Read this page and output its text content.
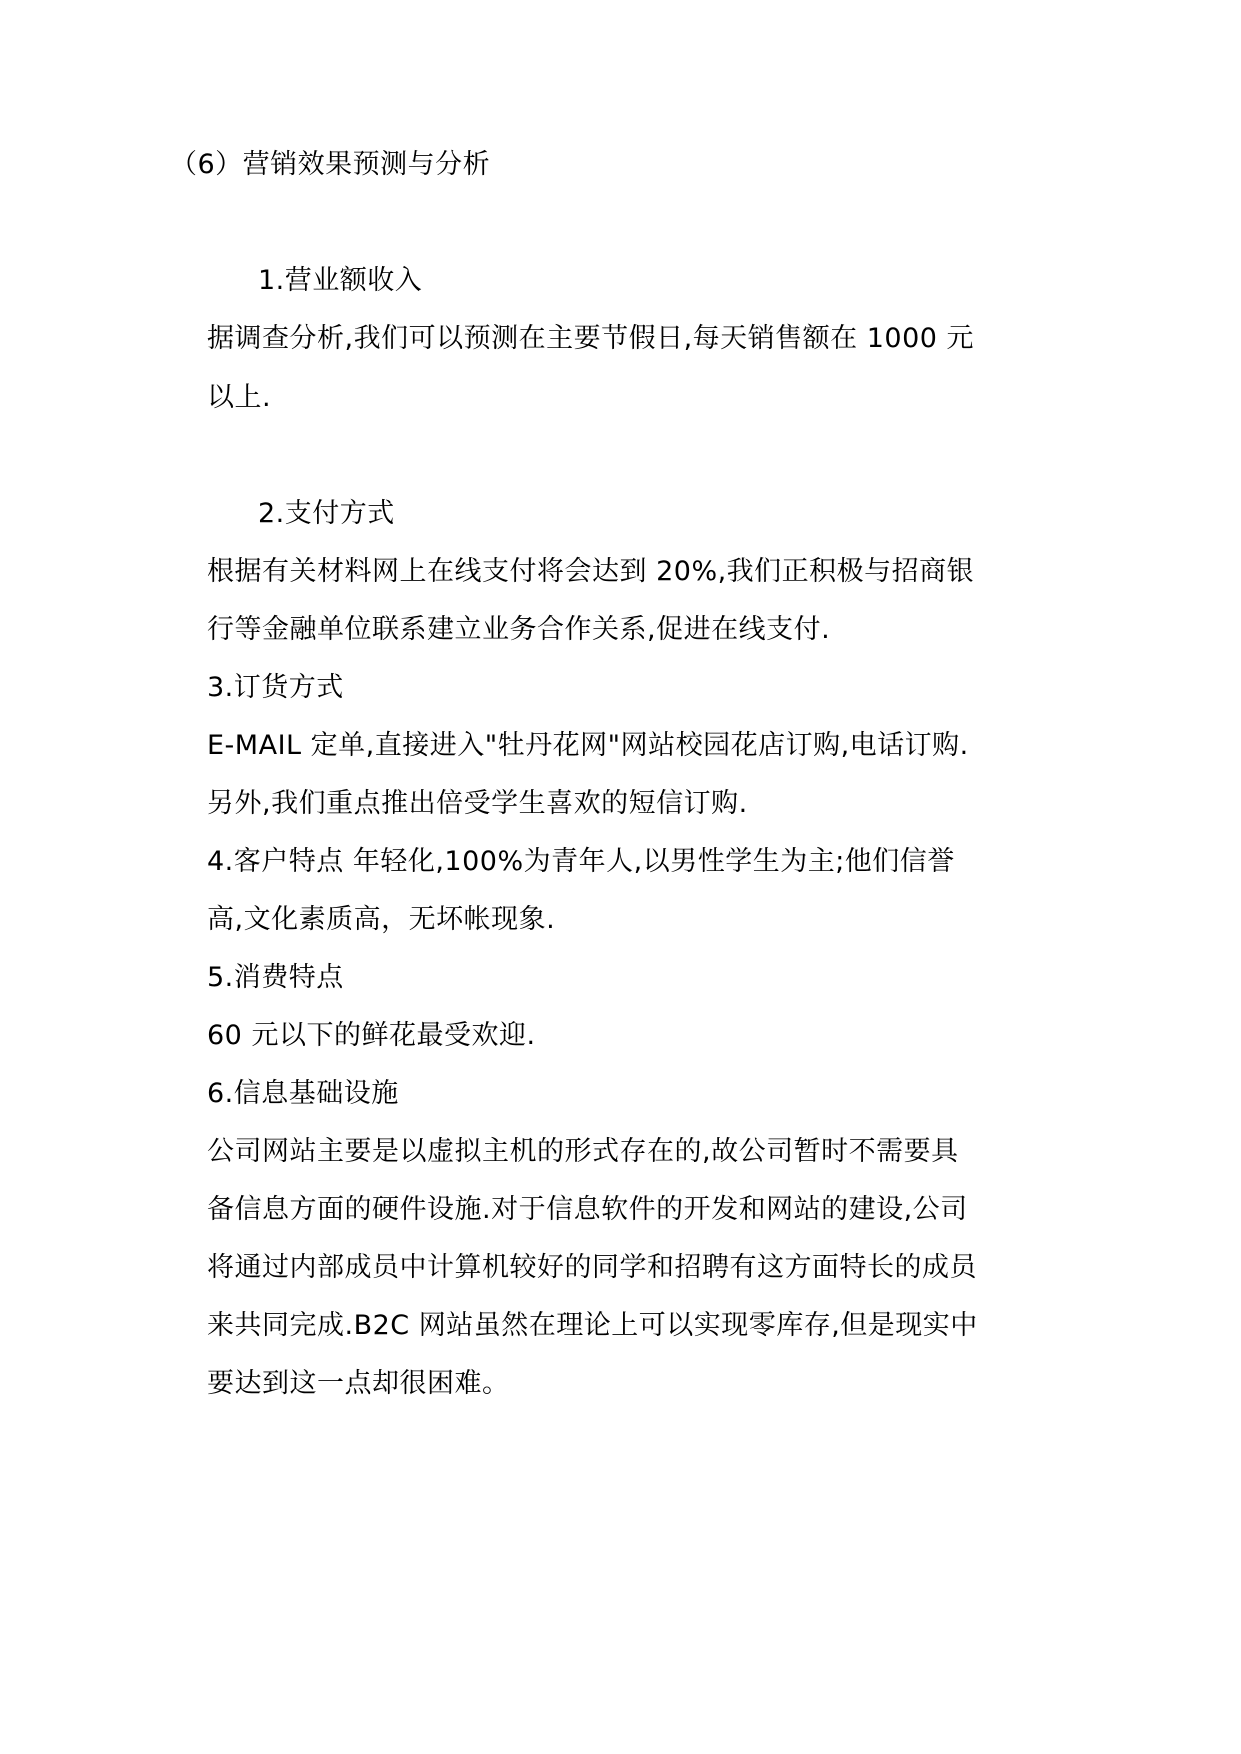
（6）营销效果预测与分析
1.营业额收入
据调查分析,我们可以预测在主要节假日,每天销售额在 1000 元
以上.
2.支付方式
根据有关材料网上在线支付将会达到 20%,我们正积极与招商银
行等金融单位联系建立业务合作关系,促进在线支付.
3.订货方式
E-MAIL 定单,直接进入"牡丹花网"网站校园花店订购,电话订购.
另外,我们重点推出倍受学生喜欢的短信订购.
4.客户特点 年轻化,100%为青年人,以男性学生为主;他们信誉
高,文化素质高，无坏帐现象.
5.消费特点
60 元以下的鲜花最受欢迎.
6.信息基础设施
公司网站主要是以虚拟主机的形式存在的,故公司暂时不需要具
备信息方面的硬件设施.对于信息软件的开发和网站的建设,公司
将通过内部成员中计算机较好的同学和招聘有这方面特长的成员
来共同完成.B2C 网站虽然在理论上可以实现零库存,但是现实中
要达到这一点却很困难。
